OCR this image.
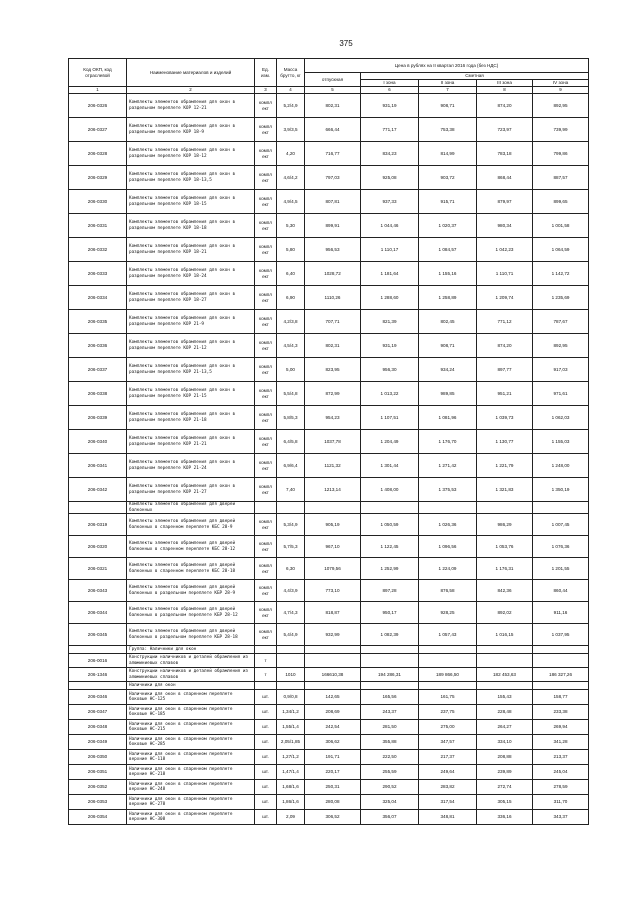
375
Код ОКП, код отраслевой	Наименование материалов и изделий	Ед. изм.	Масса брутто, кг	Цена в рублях на II квартал 2016 года (без НДС)				
				отпускная	Сметная			
					I зона	II зона	III зона	IV зона
1	2	3	4	5	6	7	8	9
206-0326	Комплекты элементов обрамления для окон в раздельном переплете КОР 12-21	компл ект	5,2/4,9	802,31	931,19	908,71	874,20	892,95
206-0327	Комплекты элементов обрамления для окон в раздельном переплете КОР 18-9	компл ект	3,9/3,5	666,44	771,17	753,38	723,97	739,99
206-0328	Комплекты элементов обрамления для окон в раздельном переплете КОР 18-12	компл ект	4,20	716,77	834,23	814,99	783,18	799,86
206-0329	Комплекты элементов обрамления для окон в раздельном переплете КОР 18-13,5	компл ект	4,6/4,2	797,03	925,08	903,72	868,44	887,57
206-0330	Комплекты элементов обрамления для окон в раздельном переплете КОР 18-15	компл ект	4,9/4,5	807,81	937,33	915,71	879,97	899,65
206-0331	Комплекты элементов обрамления для окон в раздельном переплете КОР 18-18	компл ект	5,30	899,91	1 044,46	1 020,37	980,34	1 001,58
206-0332	Комплекты элементов обрамления для окон в раздельном переплете КОР 18-21	компл ект	5,80	956,53	1 110,17	1 084,57	1 042,23	1 064,59
206-0333	Комплекты элементов обрамления для окон в раздельном переплете КОР 18-24	компл ект	6,40	1028,72	1 181,64	1 155,16	1 110,71	1 142,72
206-0334	Комплекты элементов обрамления для окон в раздельном переплете КОР 18-27	компл ект	6,90	1110,26	1 288,60	1 258,89	1 209,74	1 235,69
206-0335	Комплекты элементов обрамления для окон в раздельном переплете КОР 21-9	компл ект	4,2/3,8	707,71	821,39	802,45	771,12	787,67
206-0336	Комплекты элементов обрамления для окон в раздельном переплете КОР 21-12	компл ект	4,5/4,3	802,31	931,19	908,71	874,20	892,95
206-0337	Комплекты элементов обрамления для окон в раздельном переплете КОР 21-13,5	компл ект	5,00	823,95	956,30	934,24	897,77	917,03
206-0338	Комплекты элементов обрамления для окон в раздельном переплете КОР 21-15	компл ект	5,5/4,8	872,99	1 013,22	989,85	951,21	971,61
206-0339	Комплекты элементов обрамления для окон в раздельном переплете КОР 21-18	компл ект	5,8/5,3	954,23	1 107,51	1 081,96	1 039,73	1 062,03
206-0340	Комплекты элементов обрамления для окон в раздельном переплете КОР 21-21	компл ект	6,4/5,8	1037,78	1 204,49	1 176,70	1 130,77	1 155,03
206-0341	Комплекты элементов обрамления для окон в раздельном переплете КОР 21-24	компл ект	6,9/6,4	1121,32	1 301,44	1 271,42	1 221,79	1 248,00
206-0342	Комплекты элементов обрамления для окон в раздельном переплете КОР 21-27	компл ект	7,40	1213,14	1 408,00	1 375,53	1 321,83	1 350,19
	Комплекты элементов обрамления для дверей балконных							
206-0319	Комплекты элементов обрамления для дверей балконных в спаренном переплете КБС 28-9	компл ект	5,3/4,9	905,19	1 050,59	1 026,36	986,29	1 007,45
206-0320	Комплекты элементов обрамления для дверей балконных в спаренном переплете КБС 28-12	компл ект	5,7/5,3	967,10	1 122,45	1 096,56	1 053,76	1 076,36
206-0321	Комплекты элементов обрамления для дверей балконных в спаренном переплете КБС 28-18	компл ект	6,30	1079,56	1 252,99	1 224,09	1 176,31	1 201,55
206-0343	Комплекты элементов обрамления для дверей балконных в раздельном переплете КБР 28-9	компл ект	4,4/3,9	773,10	897,28	876,58	842,36	860,44
206-0344	Комплекты элементов обрамления для дверей балконных в раздельном переплете КБР 28-12	компл ект	4,7/4,3	818,87	950,17	928,25	892,02	911,16
206-0345	Комплекты элементов обрамления для дверей балконных в раздельном переплете КБР 28-18	компл ект	5,4/4,9	932,99	1 082,39	1 057,43	1 016,15	1 037,95
	Группа: Наличники для окон							
206-0016	Конструкции наличников и деталей обрамления из алюминиевых сплавов	т						
206-1346	Конструкции наличников и деталей обрамления из алюминиевых сплавов	т	1010	166610,38	194 286,31	189 866,50	182 453,63	186 327,26
	Наличники для окон							
206-0346	Наличники для окон в спаренном переплете боковые НС-125	шт.	0,9/0,8	142,65	165,56	161,75	155,43	158,77
206-0347	Наличники для окон в спаренном переплете боковые НС-185	шт.	1,34/1,2	208,69	243,37	237,75	228,48	233,38
206-0348	Наличники для окон в спаренном переплете боковые НС-215	шт.	1,55/1,4	242,54	281,50	275,00	264,27	269,94
206-0349	Наличники для окон в спаренном переплете боковые НС-285	шт.	2,05/1,85	306,62	355,88	347,57	334,10	341,28
206-0350	Наличники для окон в спаренном переплете верхние НС-118	шт.	1,27/1,2	191,71	222,50	217,37	208,88	213,37
206-0351	Наличники для окон в спаренном переплете верхние НС-218	шт.	1,47/1,4	220,17	255,59	249,64	239,89	245,04
206-0352	Наличники для окон в спаренном переплете верхние НС-248	шт.	1,68/1,6	250,31	290,52	283,82	272,74	278,59
206-0353	Наличники для окон в спаренном переплете верхние НС-278	шт.	1,86/1,6	280,08	325,04	317,54	305,15	311,70
206-0354	Наличники для окон в спаренном переплете верхние НС-308	шт.	2,09	306,52	356,07	348,81	336,16	343,37
